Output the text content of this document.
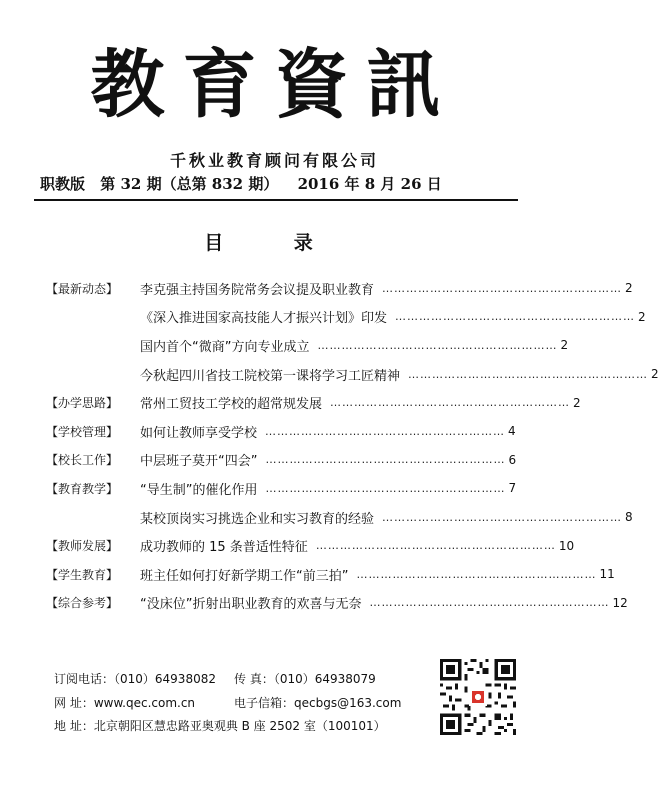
教育資訊
千秋业教育顾问有限公司
职教版 第 32 期（总第 832 期） 2016 年 8 月 26 日
目 录
【最新动态】	李克强主持国务院常务会议提及职业教育 …………………………………………………… 2
《深入推进国家高技能人才振兴计划》印发 …………………………………………………… 2
国内首个“微商”方向专业成立 …………………………………………………… 2
今秋起四川省技工院校第一课将学习工匠精神 …………………………………………………… 2
【办学思路】	常州工贸技工学校的超常规发展 …………………………………………………… 2
【学校管理】	如何让教师享受学校 …………………………………………………… 4
【校长工作】	中层班子莫开“四会” …………………………………………………… 6
【教育教学】	“导生制”的催化作用 …………………………………………………… 7
某校顶岗实习挑选企业和实习教育的经验 …………………………………………………… 8
【教师发展】	成功教师的 15 条普适性特征 …………………………………………………… 10
【学生教育】	班主任如何打好新学期工作“前三拍” …………………………………………………… 11
【综合参考】	“没床位”折射出职业教育的欢喜与无奈 …………………………………………………… 12
订阅电话：（010）64938082 传 真：（010）64938079
网 址：www.qec.com.cn	电子信箱：qecbgs@163.com
地 址：北京朝阳区慧忠路亚奥观典 B 座 2502 室（100101）
